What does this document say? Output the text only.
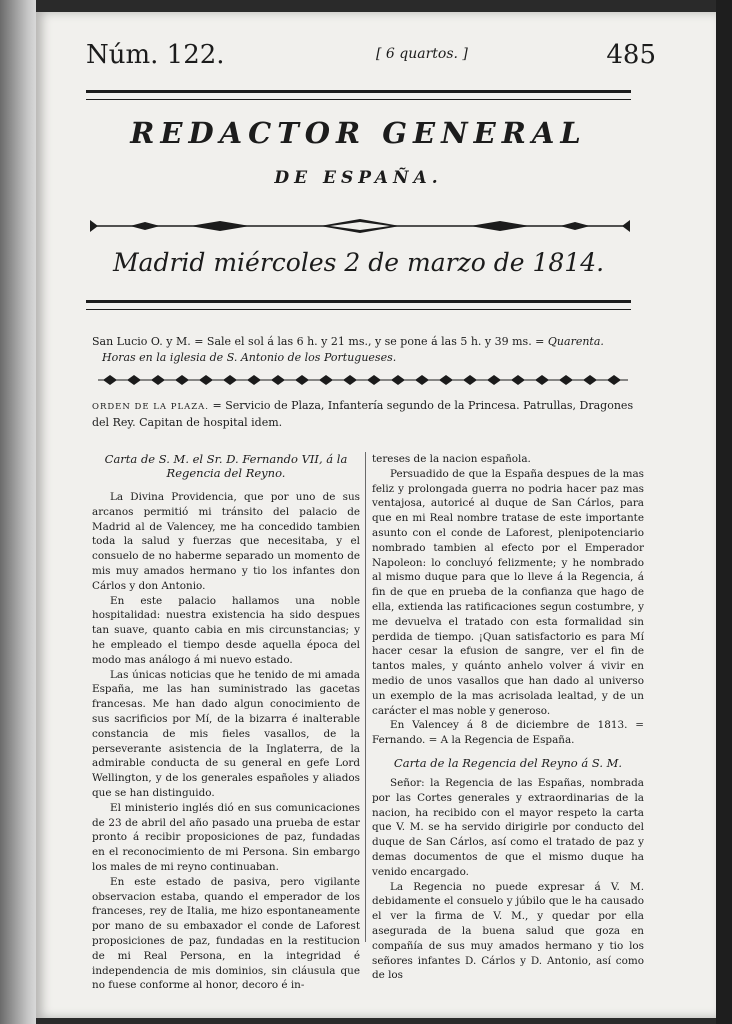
Núm. 122.	[ 6 quartos. ]	485
REDACTOR GENERAL
DE ESPAÑA.
Madrid miércoles 2 de marzo de 1814.
San Lucio O. y M. = Sale el sol á las 6 h. y 21 ms., y se pone á las 5 h. y 39 ms. = Quarenta.
Horas en la iglesia de S. Antonio de los Portugueses.
ORDEN DE LA PLAZA. = Servicio de Plaza, Infantería segundo de la Princesa. Patrullas, Dragones del Rey. Capitan de hospital idem.
Carta de S. M. el Sr. D. Fernando VII, á la Regencia del Reyno.

La Divina Providencia, que por uno de sus arcanos permitió mi tránsito del palacio de Madrid al de Valencey, me ha concedido tambien toda la salud y fuerzas que necesitaba, y el consuelo de no haberme separado un momento de mis muy amados hermano y tio los infantes don Cárlos y don Antonio.

En este palacio hallamos una noble hospitalidad: nuestra existencia ha sido despues tan suave, quanto cabia en mis circunstancias; y he empleado el tiempo desde aquella época del modo mas análogo á mi nuevo estado.

Las únicas noticias que he tenido de mi amada España, me las han suministrado las gacetas francesas. Me han dado algun conocimiento de sus sacrificios por Mí, de la bizarra é inalterable constancia de mis fieles vasallos, de la perseverante asistencia de la Inglaterra, de la admirable conducta de su general en gefe Lord Wellington, y de los generales españoles y aliados que se han distinguido.

El ministerio inglés dió en sus comunicaciones de 23 de abril del año pasado una prueba de estar pronto á recibir proposiciones de paz, fundadas en el reconocimiento de mi Persona. Sin embargo los males de mi reyno continuaban.

En este estado de pasiva, pero vigilante observacion estaba, quando el emperador de los franceses, rey de Italia, me hizo espontaneamente por mano de su embaxador el conde de Laforest proposiciones de paz, fundadas en la restitucion de mi Real Persona, en la integridad é independencia de mis dominios, sin cláusula que no fuese conforme al honor, decoro é in-

tereses de la nacion española.

Persuadido de que la España despues de la mas feliz y prolongada guerra no podria hacer paz mas ventajosa, autoricé al duque de San Cárlos, para que en mi Real nombre tratase de este importante asunto con el conde de Laforest, plenipotenciario nombrado tambien al efecto por el Emperador Napoleon: lo concluyó felizmente; y he nombrado al mismo duque para que lo lleve á la Regencia, á fin de que en prueba de la confianza que hago de ella, extienda las ratificaciones segun costumbre, y me devuelva el tratado con esta formalidad sin perdida de tiempo. ¡Quan satisfactorio es para Mí hacer cesar la efusion de sangre, ver el fin de tantos males, y quánto anhelo volver á vivir en medio de unos vasallos que han dado al universo un exemplo de la mas acrisolada lealtad, y de un carácter el mas noble y generoso.

En Valencey á 8 de diciembre de 1813. = Fernando. = A la Regencia de España.

Carta de la Regencia del Reyno á S. M.

Señor: la Regencia de las Españas, nombrada por las Cortes generales y extraordinarias de la nacion, ha recibido con el mayor respeto la carta que V. M. se ha servido dirigirle por conducto del duque de San Cárlos, así como el tratado de paz y demas documentos de que el mismo duque ha venido encargado.

La Regencia no puede expresar á V. M. debidamente el consuelo y júbilo que le ha causado el ver la firma de V. M., y quedar por ella asegurada de la buena salud que goza en compañía de sus muy amados hermano y tio los señores infantes D. Cárlos y D. Antonio, así como de los
